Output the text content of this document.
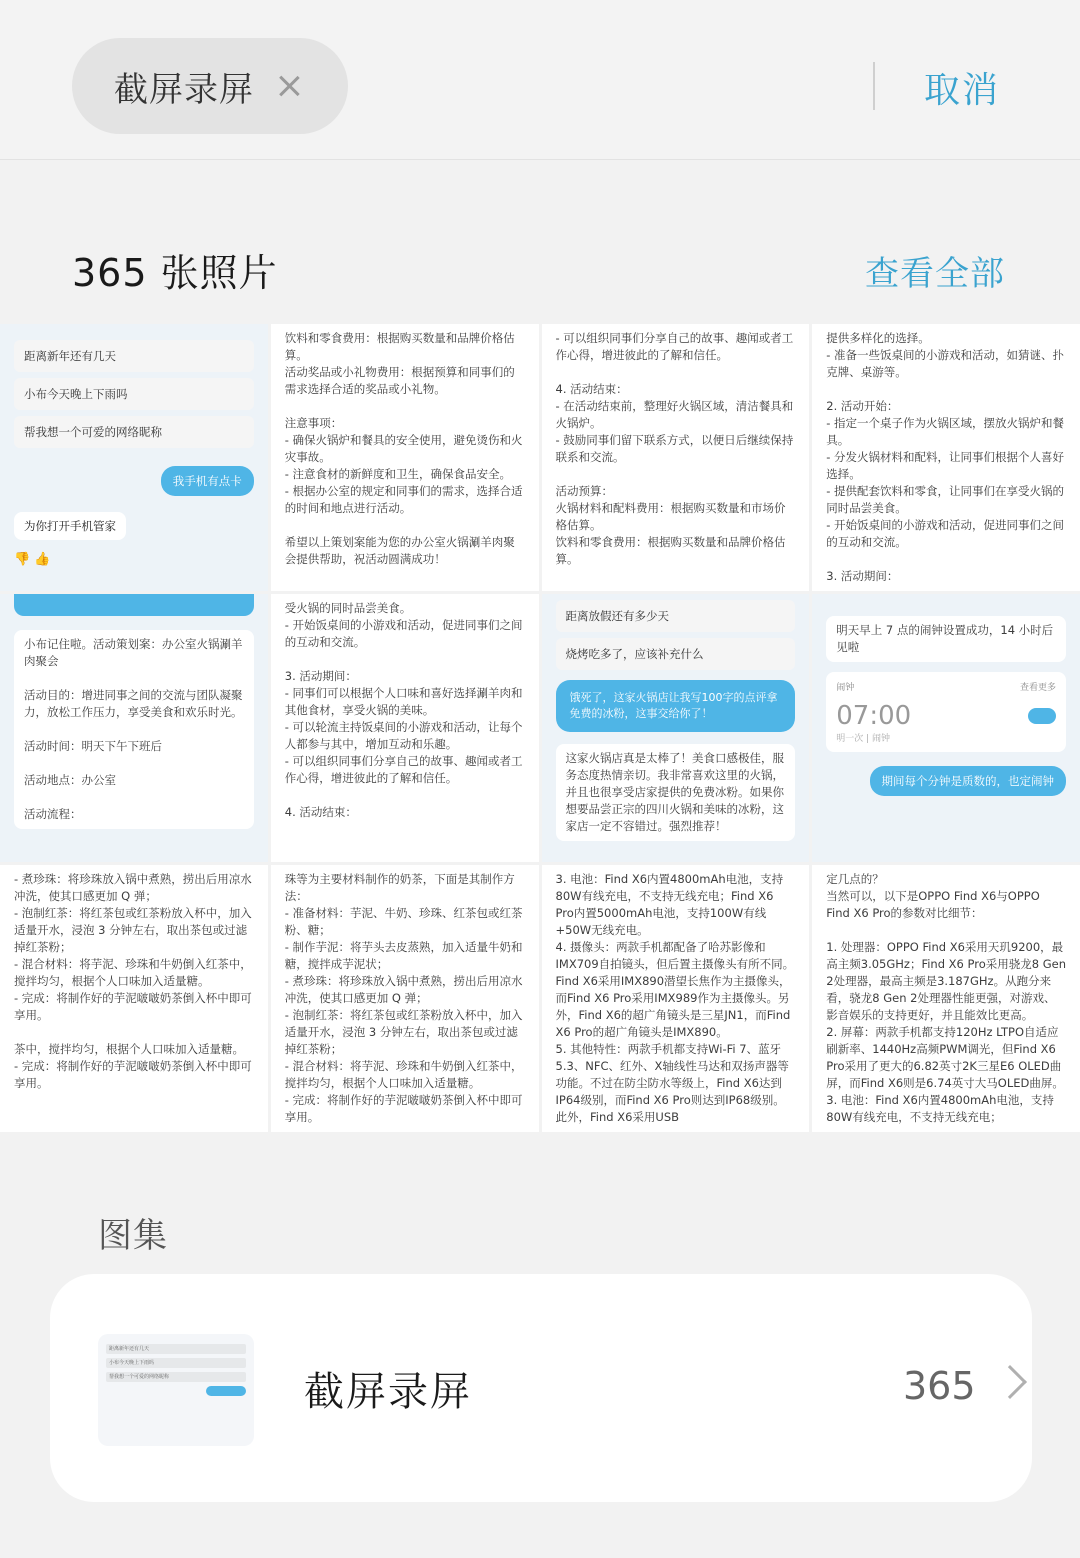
截屏录屏	取消
365 张照片	查看全部
距离新年还有几天
小布今天晚上下雨吗
帮我想一个可爱的网络昵称
我手机有点卡
为你打开手机管家
👎 👍
饮料和零食费用：根据购买数量和品牌价格估算。
活动奖品或小礼物费用：根据预算和同事们的需求选择合适的奖品或小礼物。

注意事项：
- 确保火锅炉和餐具的安全使用，避免烫伤和火灾事故。
- 注意食材的新鲜度和卫生，确保食品安全。
- 根据办公室的规定和同事们的需求，选择合适的时间和地点进行活动。

希望以上策划案能为您的办公室火锅涮羊肉聚会提供帮助，祝活动圆满成功！
- 可以组织同事们分享自己的故事、趣闻或者工作心得，增进彼此的了解和信任。

4. 活动结束：
- 在活动结束前，整理好火锅区域，清洁餐具和火锅炉。
- 鼓励同事们留下联系方式，以便日后继续保持联系和交流。

活动预算：
火锅材料和配料费用：根据购买数量和市场价格估算。
饮料和零食费用：根据购买数量和品牌价格估算。
提供多样化的选择。
- 准备一些饭桌间的小游戏和活动，如猜谜、扑克牌、桌游等。

2. 活动开始：
- 指定一个桌子作为火锅区域，摆放火锅炉和餐具。
- 分发火锅材料和配料，让同事们根据个人喜好选择。
- 提供配套饮料和零食，让同事们在享受火锅的同时品尝美食。
- 开始饭桌间的小游戏和活动，促进同事们之间的互动和交流。

3. 活动期间：
小布记住啦。活动策划案：办公室火锅涮羊肉聚会

活动目的：增进同事之间的交流与团队凝聚力，放松工作压力，享受美食和欢乐时光。

活动时间：明天下午下班后

活动地点：办公室

活动流程：
受火锅的同时品尝美食。
- 开始饭桌间的小游戏和活动，促进同事们之间的互动和交流。

3. 活动期间：
- 同事们可以根据个人口味和喜好选择涮羊肉和其他食材，享受火锅的美味。
- 可以轮流主持饭桌间的小游戏和活动，让每个人都参与其中，增加互动和乐趣。
- 可以组织同事们分享自己的故事、趣闻或者工作心得，增进彼此的了解和信任。

4. 活动结束：
距离放假还有多少天
烧烤吃多了，应该补充什么
饿死了，这家火锅店让我写100字的点评拿免费的冰粉，这事交给你了！
这家火锅店真是太棒了！美食口感极佳，服务态度热情亲切。我非常喜欢这里的火锅，并且也很享受店家提供的免费冰粉。如果你想要品尝正宗的四川火锅和美味的冰粉，这家店一定不容错过。强烈推荐！
明天早上 7 点的闹钟设置成功，14 小时后见啦
闹钟	查看更多
07:00
明一次 | 闹钟
期间每个分钟是质数的，也定闹钟
- 煮珍珠：将珍珠放入锅中煮熟，捞出后用凉水冲洗，使其口感更加 Q 弹；
- 泡制红茶：将红茶包或红茶粉放入杯中，加入适量开水，浸泡 3 分钟左右，取出茶包或过滤掉红茶粉；
- 混合材料：将芋泥、珍珠和牛奶倒入红茶中，搅拌均匀，根据个人口味加入适量糖。
- 完成：将制作好的芋泥啵啵奶茶倒入杯中即可享用。

茶中，搅拌均匀，根据个人口味加入适量糖。
- 完成：将制作好的芋泥啵啵奶茶倒入杯中即可享用。
珠等为主要材料制作的奶茶，下面是其制作方法：
- 准备材料：芋泥、牛奶、珍珠、红茶包或红茶粉、糖；
- 制作芋泥：将芋头去皮蒸熟，加入适量牛奶和糖，搅拌成芋泥状；
- 煮珍珠：将珍珠放入锅中煮熟，捞出后用凉水冲洗，使其口感更加 Q 弹；
- 泡制红茶：将红茶包或红茶粉放入杯中，加入适量开水，浸泡 3 分钟左右，取出茶包或过滤掉红茶粉；
- 混合材料：将芋泥、珍珠和牛奶倒入红茶中，搅拌均匀，根据个人口味加入适量糖。
- 完成：将制作好的芋泥啵啵奶茶倒入杯中即可享用。
3. 电池：Find X6内置4800mAh电池，支持80W有线充电，不支持无线充电；Find X6 Pro内置5000mAh电池，支持100W有线+50W无线充电。
4. 摄像头：两款手机都配备了哈苏影像和IMX709自拍镜头，但后置主摄像头有所不同。Find X6采用IMX890潜望长焦作为主摄像头，而Find X6 Pro采用IMX989作为主摄像头。另外，Find X6的超广角镜头是三星JN1，而Find X6 Pro的超广角镜头是IMX890。
5. 其他特性：两款手机都支持Wi-Fi 7、蓝牙5.3、NFC、红外、X轴线性马达和双扬声器等功能。不过在防尘防水等级上，Find X6达到IP64级别，而Find X6 Pro则达到IP68级别。此外，Find X6采用USB
定几点的？
当然可以，以下是OPPO Find X6与OPPO Find X6 Pro的参数对比细节：

1. 处理器：OPPO Find X6采用天玑9200，最高主频3.05GHz；Find X6 Pro采用骁龙8 Gen 2处理器，最高主频是3.187GHz。从跑分来看，骁龙8 Gen 2处理器性能更强，对游戏、影音娱乐的支持更好，并且能效比更高。
2. 屏幕：两款手机都支持120Hz LTPO自适应刷新率、1440Hz高频PWM调光，但Find X6 Pro采用了更大的6.82英寸2K三星E6 OLED曲屏，而Find X6则是6.74英寸大马OLED曲屏。
3. 电池：Find X6内置4800mAh电池，支持80W有线充电，不支持无线充电；
图集
距离新年还有几天
小布今天晚上下雨吗
帮我想一个可爱的网络昵称	截屏录屏	365
